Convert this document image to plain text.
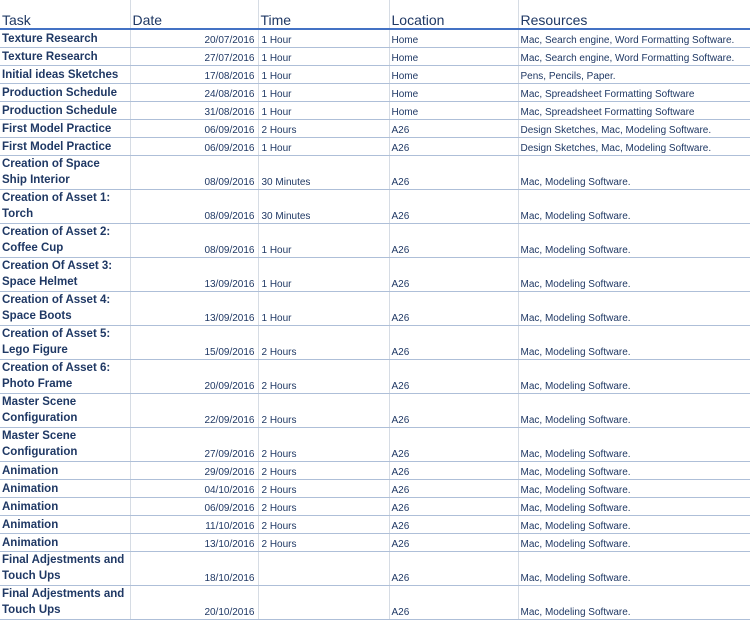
Task	Date	Time	Location	Resources
Texture Research	20/07/2016	1 Hour	Home	Mac, Search engine, Word Formatting Software.
Texture Research	27/07/2016	1 Hour	Home	Mac, Search engine, Word Formatting Software.
Initial ideas Sketches	17/08/2016	1 Hour	Home	Pens, Pencils, Paper.
Production Schedule	24/08/2016	1 Hour	Home	Mac, Spreadsheet Formatting Software
Production Schedule	31/08/2016	1 Hour	Home	Mac, Spreadsheet Formatting Software
First Model Practice	06/09/2016	2 Hours	A26	Design Sketches, Mac, Modeling Software.
First Model Practice	06/09/2016	1 Hour	A26	Design Sketches, Mac, Modeling Software.
Creation of Space Ship Interior	08/09/2016	30 Minutes	A26	Mac, Modeling Software.
Creation of Asset 1: Torch	08/09/2016	30 Minutes	A26	Mac, Modeling Software.
Creation of Asset 2: Coffee Cup	08/09/2016	1 Hour	A26	Mac, Modeling Software.
Creation Of Asset 3: Space Helmet	13/09/2016	1 Hour	A26	Mac, Modeling Software.
Creation of Asset 4: Space Boots	13/09/2016	1 Hour	A26	Mac, Modeling Software.
Creation of Asset 5: Lego Figure	15/09/2016	2 Hours	A26	Mac, Modeling Software.
Creation of Asset 6: Photo Frame	20/09/2016	2 Hours	A26	Mac, Modeling Software.
Master Scene Configuration	22/09/2016	2 Hours	A26	Mac, Modeling Software.
Master Scene Configuration	27/09/2016	2 Hours	A26	Mac, Modeling Software.
Animation	29/09/2016	2 Hours	A26	Mac, Modeling Software.
Animation	04/10/2016	2 Hours	A26	Mac, Modeling Software.
Animation	06/09/2016	2 Hours	A26	Mac, Modeling Software.
Animation	11/10/2016	2 Hours	A26	Mac, Modeling Software.
Animation	13/10/2016	2 Hours	A26	Mac, Modeling Software.
Final Adjestments and Touch Ups	18/10/2016		A26	Mac, Modeling Software.
Final Adjestments and Touch Ups	20/10/2016		A26	Mac, Modeling Software.
